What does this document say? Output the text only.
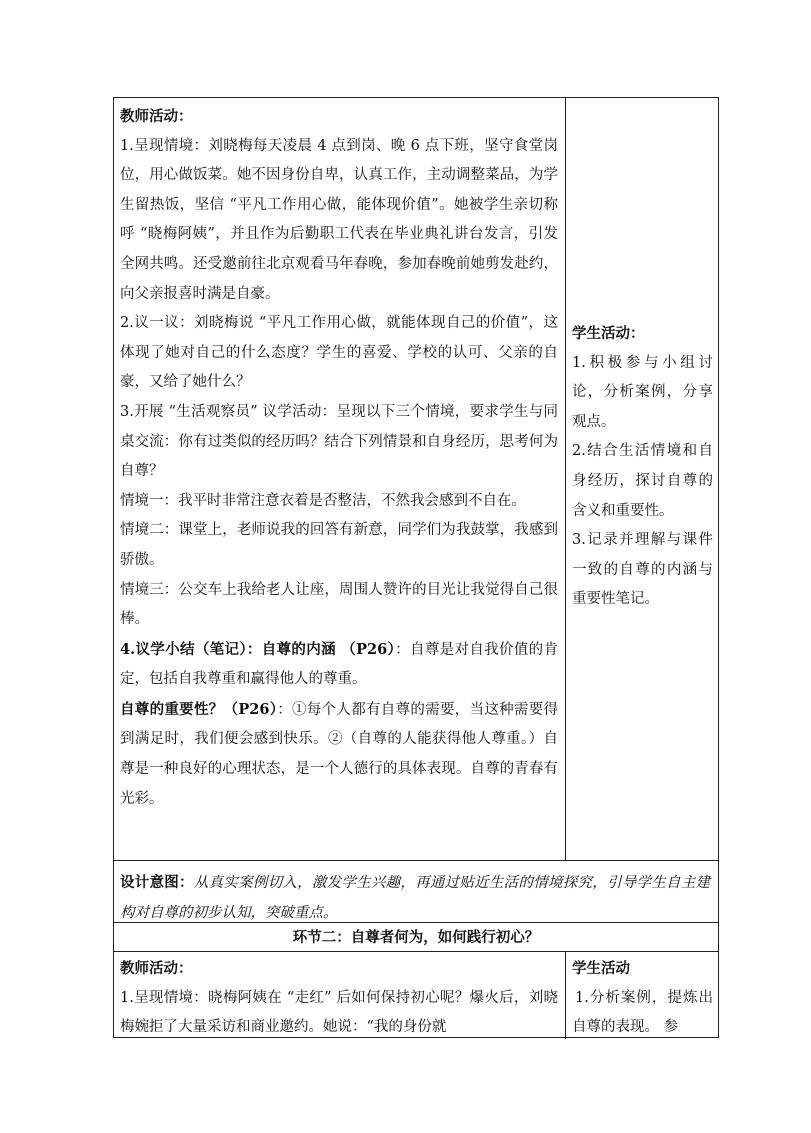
教师活动：

1.呈现情境：刘晓梅每天凌晨 4 点到岗、晚 6 点下班，坚守食堂岗位，用心做饭菜。她不因身份自卑，认真工作，主动调整菜品，为学生留热饭，坚信 “平凡工作用心做，能体现价值”。她被学生亲切称呼 “晓梅阿姨”，并且作为后勤职工代表在毕业典礼讲台发言，引发全网共鸣。还受邀前往北京观看马年春晚，参加春晚前她剪发赴约，向父亲报喜时满是自豪。

2.议一议：刘晓梅说 “平凡工作用心做，就能体现自己的价值”，这体现了她对自己的什么态度？学生的喜爱、学校的认可、父亲的自豪，又给了她什么？

3.开展 “生活观察员” 议学活动：呈现以下三个情境，要求学生与同桌交流：你有过类似的经历吗？结合下列情景和自身经历，思考何为自尊？

情境一：我平时非常注意衣着是否整洁，不然我会感到不自在。

情境二：课堂上，老师说我的回答有新意，同学们为我鼓掌，我感到骄傲。

情境三：公交车上我给老人让座，周围人赞许的目光让我觉得自己很棒。

4.议学小结（笔记）：自尊的内涵 （P26）：自尊是对自我价值的肯定，包括自我尊重和赢得他人的尊重。

自尊的重要性？（P26）：①每个人都有自尊的需要，当这种需要得到满足时，我们便会感到快乐。②（自尊的人能获得他人尊重。）自尊是一种良好的心理状态，是一个人德行的具体表现。自尊的青春有光彩。

学生活动：

1.积极参与小组讨论，分析案例，分享观点。

2.结合生活情境和自身经历，探讨自尊的含义和重要性。

3.记录并理解与课件一致的自尊的内涵与重要性笔记。

设计意图：从真实案例切入，激发学生兴趣，再通过贴近生活的情境探究，引导学生自主建构对自尊的初步认知，突破重点。
环节二：自尊者何为，如何践行初心？

教师活动：

1.呈现情境：晓梅阿姨在 “走红” 后如何保持初心呢？爆火后，刘晓梅婉拒了大量采访和商业邀约。她说：“我的身份就

学生活动

1.分析案例，提炼出自尊的表现。 参
